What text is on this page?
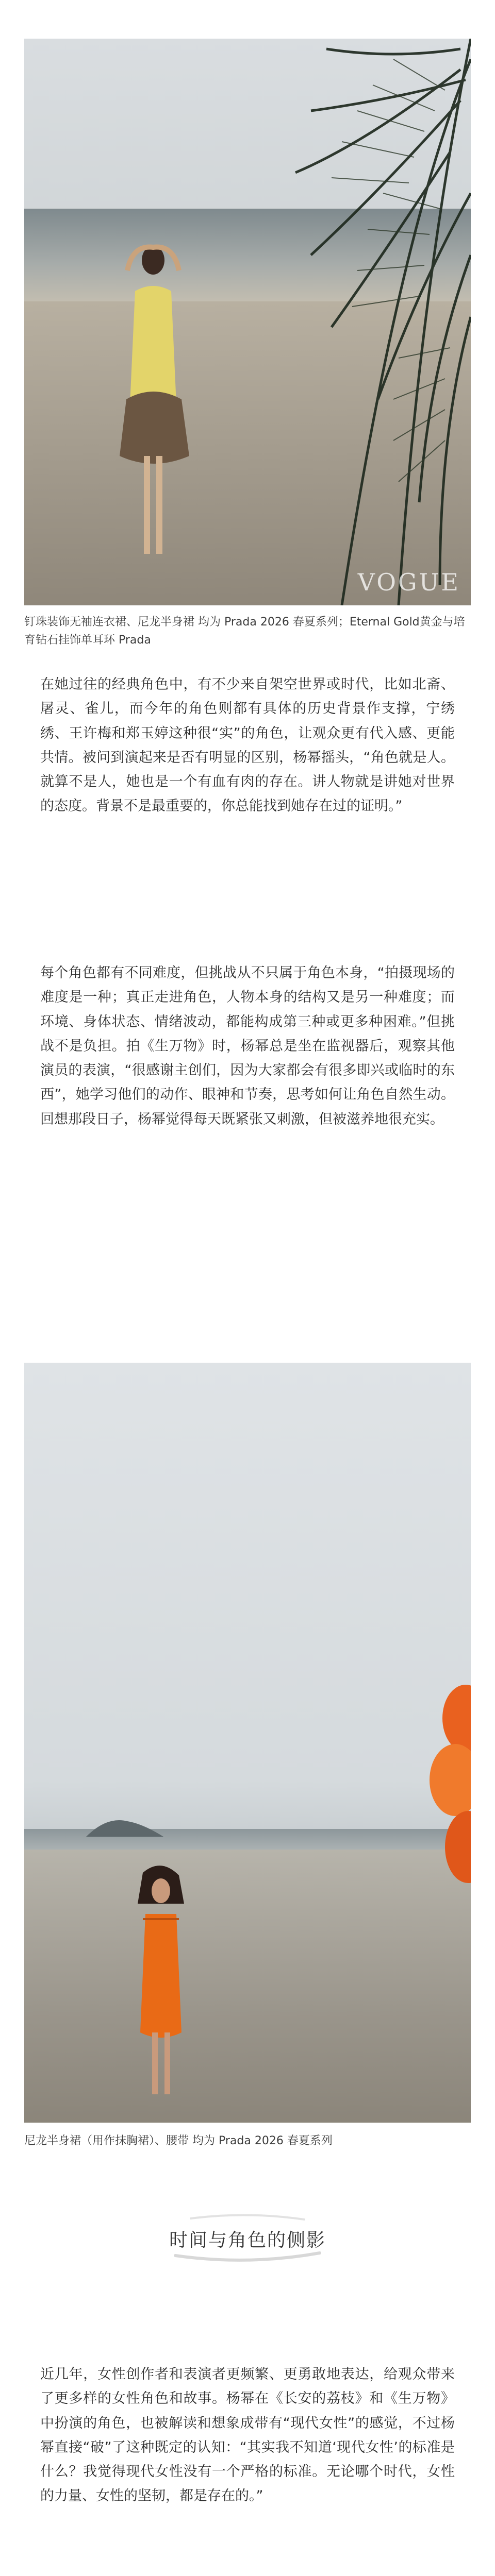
VOGUE
钉珠装饰无袖连衣裙、尼龙半身裙 均为 Prada 2026 春夏系列；Eternal Gold黄金与培育钻石挂饰单耳环 Prada

在她过往的经典角色中，有不少来自架空世界或时代，比如北斋、屠灵、雀儿，而今年的角色则都有具体的历史背景作支撑，宁绣绣、王许梅和郑玉婷这种很“实”的角色，让观众更有代入感、更能共情。被问到演起来是否有明显的区别，杨幂摇头，“角色就是人。就算不是人，她也是一个有血有肉的存在。讲人物就是讲她对世界的态度。背景不是最重要的，你总能找到她存在过的证明。”

每个角色都有不同难度，但挑战从不只属于角色本身，“拍摄现场的难度是一种；真正走进角色，人物本身的结构又是另一种难度；而环境、身体状态、情绪波动，都能构成第三种或更多种困难。”但挑战不是负担。拍《生万物》时，杨幂总是坐在监视器后，观察其他演员的表演，“很感谢主创们，因为大家都会有很多即兴或临时的东西”，她学习他们的动作、眼神和节奏，思考如何让角色自然生动。回想那段日子，杨幂觉得每天既紧张又刺激，但被滋养地很充实。

尼龙半身裙（用作抹胸裙）、腰带 均为 Prada 2026 春夏系列
时间与角色的侧影

近几年，女性创作者和表演者更频繁、更勇敢地表达，给观众带来了更多样的女性角色和故事。杨幂在《长安的荔枝》和《生万物》中扮演的角色，也被解读和想象成带有“现代女性”的感觉，不过杨幂直接“破”了这种既定的认知：“其实我不知道‘现代女性’的标准是什么？我觉得现代女性没有一个严格的标准。无论哪个时代，女性的力量、女性的坚韧，都是存在的。”
